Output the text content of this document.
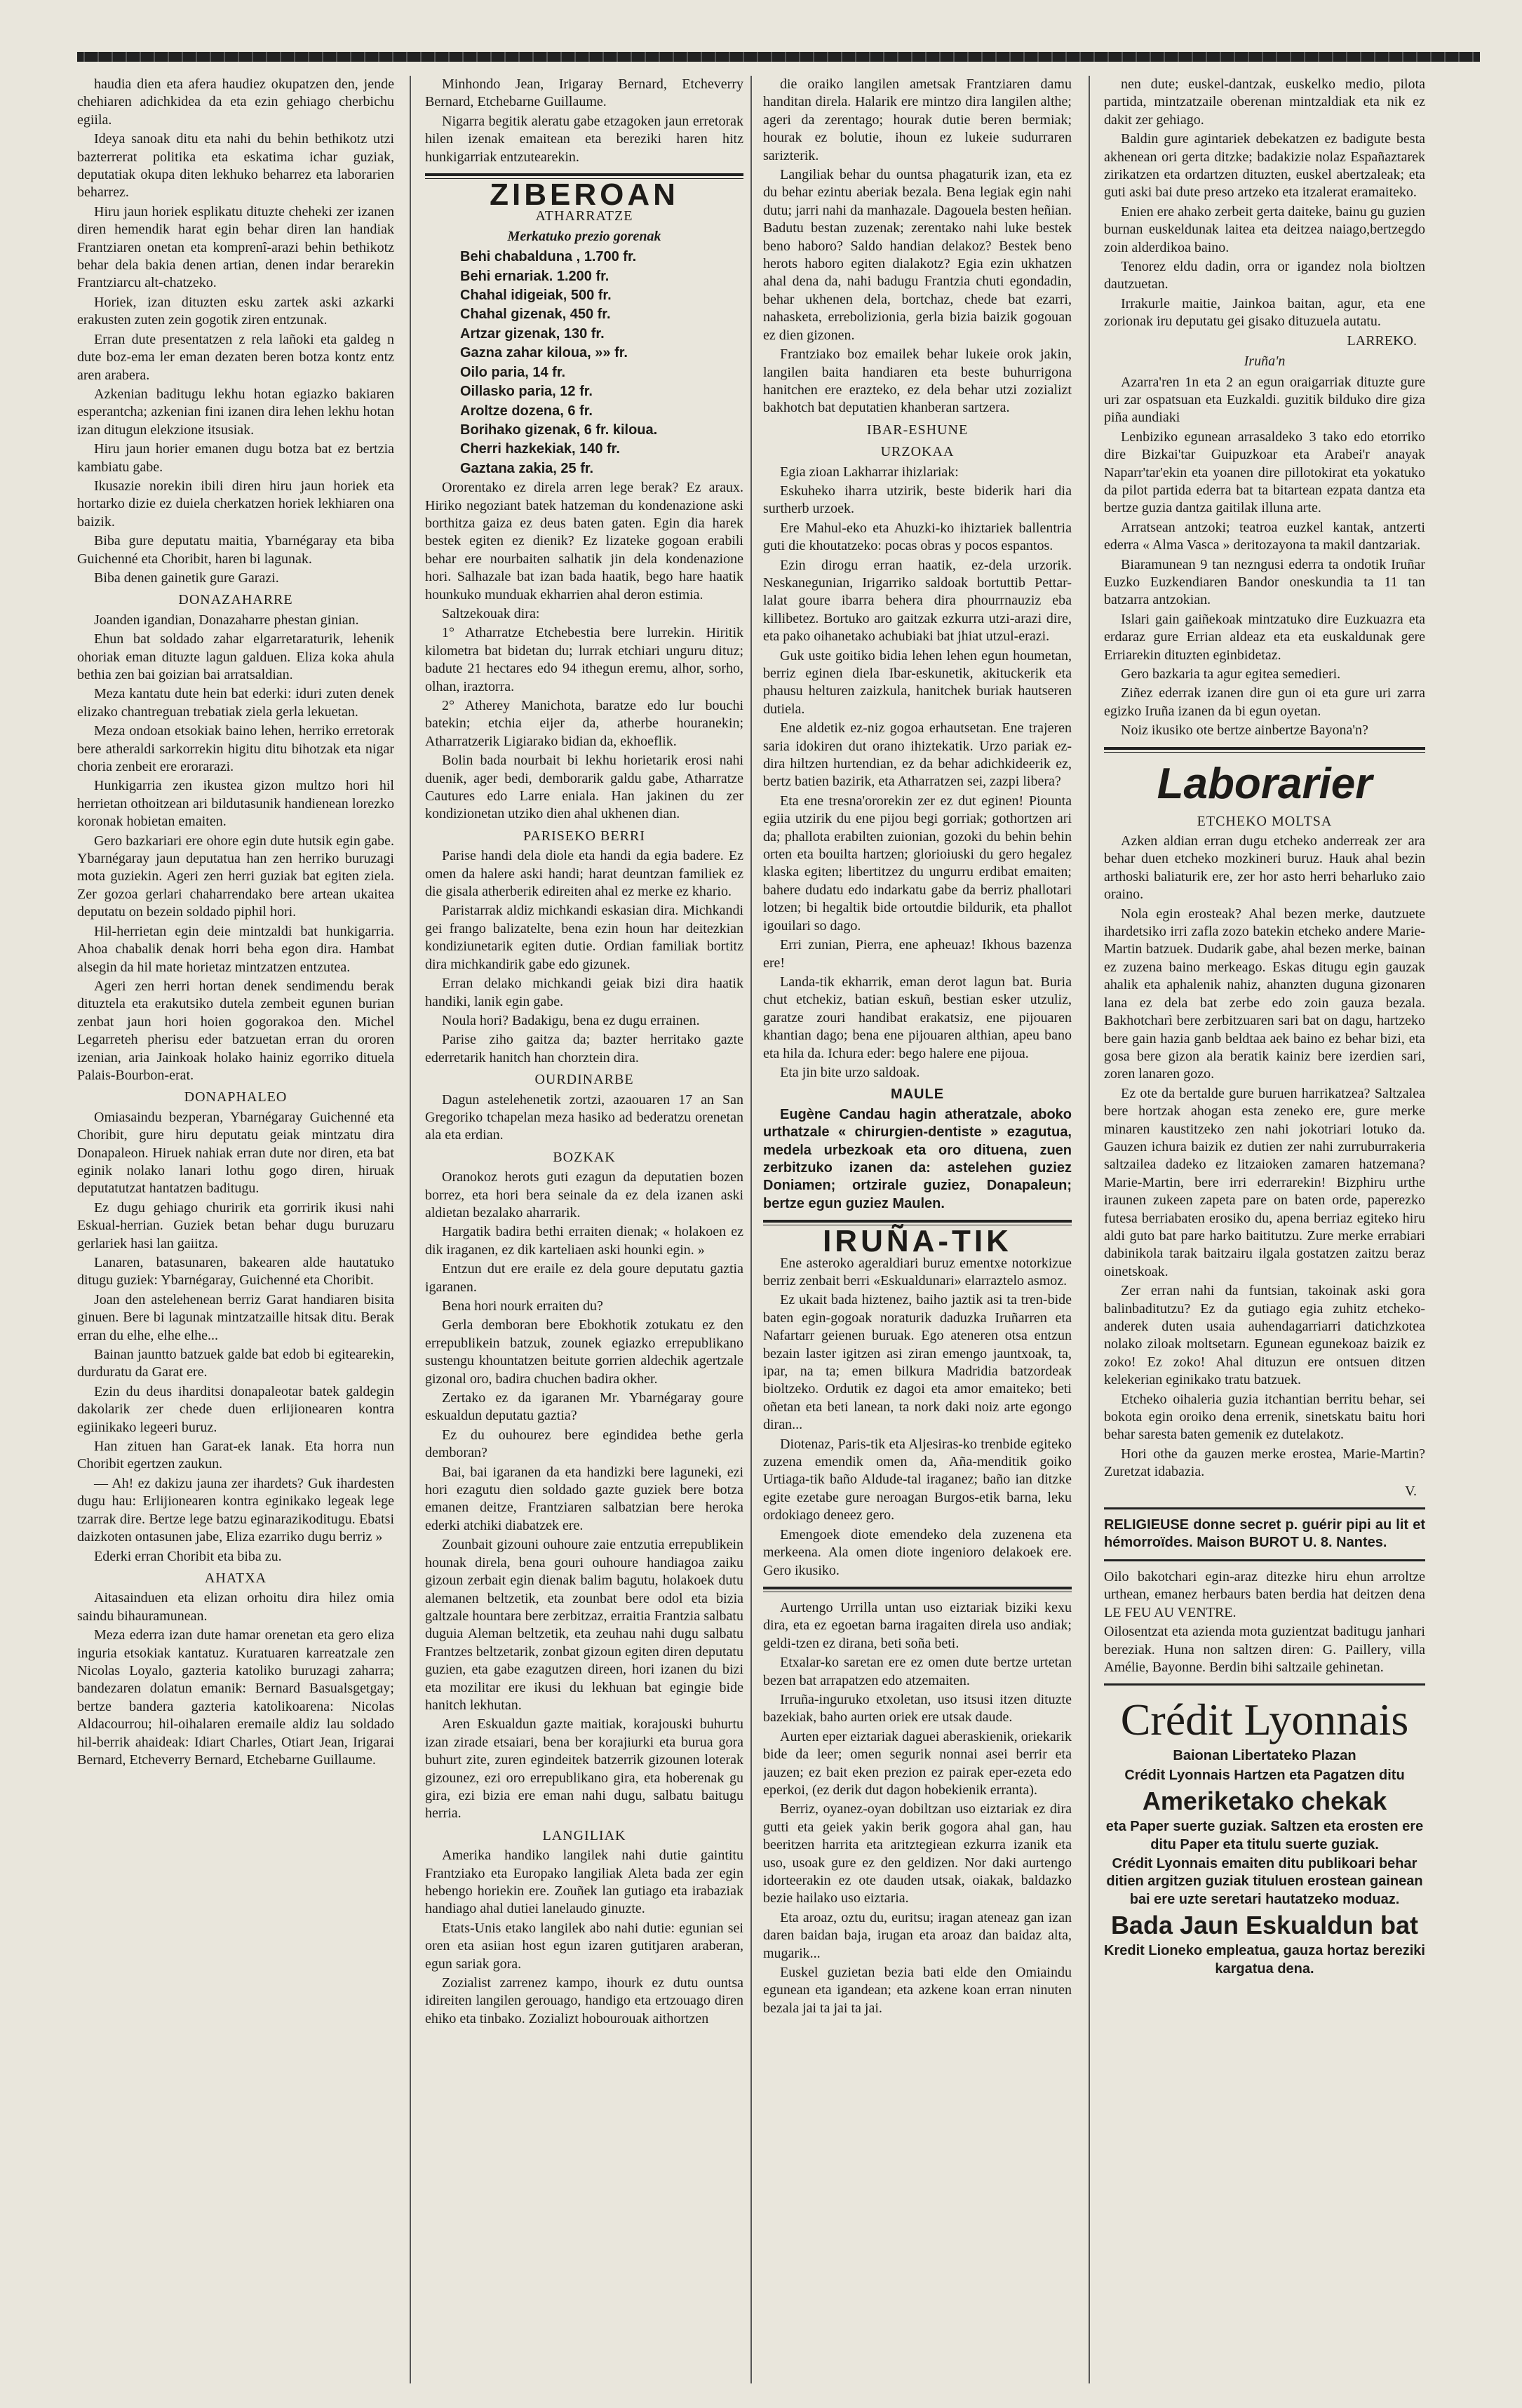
haudia dien eta afera haudiez okupatzen den, jende chehiaren adichkidea da eta ezin gehiago cherbichu egiila.

Ideya sanoak ditu eta nahi du behin bethikotz utzi bazterrerat politika eta eskatima ichar guziak, deputatiak okupa diten lekhuko beharrez eta laborarien beharrez.

Hiru jaun horiek esplikatu dituzte cheheki zer izanen diren hemendik harat egin behar diren lan handiak Frantziaren onetan eta komprenî-arazi behin bethikotz behar dela bakia denen artian, denen indar berarekin Frantziarcu alt-chatzeko.

Horiek, izan dituzten esku zartek aski azkarki erakusten zuten zein gogotik ziren entzunak.

Erran dute presentatzen z rela lañoki eta galdeg n dute boz-ema ler eman dezaten beren botza kontz entz aren arabera.

Azkenian baditugu lekhu hotan egiazko bakiaren esperantcha; azkenian fini izanen dira lehen lekhu hotan izan ditugun elekzione itsusiak.

Hiru jaun horier emanen dugu botza bat ez bertzia kambiatu gabe.

Ikusazie norekin ibili diren hiru jaun horiek eta hortarko dizie ez duiela cherkatzen horiek lekhiaren ona baizik.

Biba gure deputatu maitia, Ybarnégaray eta biba Guichenné eta Choribit, haren bi lagunak.

Biba denen gainetik gure Garazi.

DONAZAHARRE

Joanden igandian, Donazaharre phestan ginian.

Ehun bat soldado zahar elgarretaraturik, lehenik ohoriak eman dituzte lagun galduen. Eliza koka ahula bethia zen bai goizian bai arratsaldian.

Meza kantatu dute hein bat ederki: iduri zuten denek elizako chantreguan trebatiak ziela gerla lekuetan.

Meza ondoan etsokiak baino lehen, herriko erretorak bere atheraldi sarkorrekin higitu ditu bihotzak eta nigar choria zenbeit ere erorarazi.

Hunkigarria zen ikustea gizon multzo hori hil herrietan othoitzean ari bildutasunik handienean lorezko koronak hobietan emaiten.

Gero bazkariari ere ohore egin dute hutsik egin gabe. Ybarnégaray jaun deputatua han zen herriko buruzagi mota guziekin. Ageri zen herri guziak bat egiten ziela. Zer gozoa gerlari chaharrendako bere artean ukaitea deputatu on bezein soldado piphil hori.

Hil-herrietan egin deie mintzaldi bat hunkigarria. Ahoa chabalik denak horri beha egon dira. Hambat alsegin da hil mate horietaz mintzatzen entzutea.

Ageri zen herri hortan denek sendimendu berak dituztela eta erakutsiko dutela zembeit egunen burian zenbat jaun hori hoien gogorakoa den. Michel Legarreteh pherisu eder batzuetan erran du ororen izenian, aria Jainkoak holako hainiz egorriko dituela Palais-Bourbon-erat.

DONAPHALEO

Omiasaindu bezperan, Ybarnégaray Guichenné eta Choribit, gure hiru deputatu geiak mintzatu dira Donapaleon. Hiruek nahiak erran dute nor diren, eta bat eginik nolako lanari lothu gogo diren, hiruak deputatutzat hantatzen baditugu.

Ez dugu gehiago churirik eta gorririk ikusi nahi Eskual-herrian. Guziek betan behar dugu buruzaru gerlariek hasi lan gaiitza.

Lanaren, batasunaren, bakearen alde hautatuko ditugu guziek: Ybarnégaray, Guichenné eta Choribit.

Joan den astelehenean berriz Garat handiaren bisita ginuen. Bere bi lagunak mintzatzaille hitsak ditu. Berak erran du elhe, elhe elhe...

Bainan jauntto batzuek galde bat edob bi egitearekin, durduratu da Garat ere.

Ezin du deus iharditsi donapaleotar batek galdegin dakolarik zer chede duen erlijionearen kontra egiinikako legeeri buruz.

Han zituen han Garat-ek lanak. Eta horra nun Choribit egertzen zaukun.

— Ah! ez dakizu jauna zer ihardets? Guk ihardesten dugu hau: Erlijionearen kontra eginikako legeak lege tzarrak dire. Bertze lege batzu eginarazikoditugu. Ebatsi daizkoten ontasunen jabe, Eliza ezarriko dugu berriz »

Ederki erran Choribit eta biba zu.

AHATXA

Aitasainduen eta elizan orhoitu dira hilez omia saindu bihauramunean.

Meza ederra izan dute hamar orenetan eta gero eliza inguria etsokiak kantatuz. Kuratuaren karreatzale zen Nicolas Loyalo, gazteria katoliko buruzagi zaharra; bandezaren dolatun emanik: Bernard Basualsgetgay; bertze bandera gazteria katolikoarena: Nicolas Aldacourrou; hil-oihalaren eremaile aldiz lau soldado hil-berrik ahaideak: Idiart Charles, Otiart Jean, Irigarai Bernard, Etcheverry Bernard, Etchebarne Guillaume.

Minhondo Jean, Irigaray Bernard, Etcheverry Bernard, Etchebarne Guillaume.

Nigarra begitik aleratu gabe etzagoken jaun erretorak hilen izenak emaitean eta bereziki haren hitz hunkigarriak entzutearekin.

ZIBEROAN
ATHARRATZE
Merkatuko prezio gorenak

Behi chabalduna , 1.700 fr.

Behi ernariak. 1.200 fr.

Chahal idigeiak, 500 fr.

Chahal gizenak, 450 fr.

Artzar gizenak, 130 fr.

Gazna zahar kiloua, »» fr.

Oilo paria, 14 fr.

Oillasko paria, 12 fr.

Aroltze dozena, 6 fr.

Borihako gizenak, 6 fr. kiloua.

Cherri hazkekiak, 140 fr.

Gaztana zakia, 25 fr.

Ororentako ez direla arren lege berak? Ez araux. Hiriko negoziant batek hatzeman du kondenazione aski borthitza gaiza ez deus baten gaten. Egin dia harek bestek egiten ez dienik? Ez lizateke gogoan erabili behar ere nourbaiten salhatik jin dela kondenazione hori. Salhazale bat izan bada haatik, bego hare haatik hounkuko munduak ekharrien ahal deron estimia.

Saltzekouak dira:

1° Atharratze Etchebestia bere lurrekin. Hiritik kilometra bat bidetan du; lurrak etchiari unguru dituz; badute 21 hectares edo 94 ithegun eremu, alhor, sorho, olhan, iraztorra.

2° Atherey Manichota, baratze edo lur bouchi batekin; etchia eijer da, atherbe houranekin; Atharratzerik Ligiarako bidian da, ekhoeflik.

Bolin bada nourbait bi lekhu horietarik erosi nahi duenik, ager bedi, demborarik galdu gabe, Atharratze Cautures edo Larre eniala. Han jakinen du zer kondizionetan utziko dien ahal ukhenen dian.

PARISEKO BERRI

Parise handi dela diole eta handi da egia badere. Ez omen da halere aski handi; harat deuntzan familiek ez die gisala atherberik edireiten ahal ez merke ez khario.

Paristarrak aldiz michkandi eskasian dira. Michkandi gei frango balizatelte, bena ezin houn har deitezkian kondiziunetarik egiten dutie. Ordian familiak bortitz dira michkandirik gabe edo gizunek.

Erran delako michkandi geiak bizi dira haatik handiki, lanik egin gabe.

Noula hori? Badakigu, bena ez dugu errainen.

Parise ziho gaitza da; bazter herritako gazte ederretarik hanitch han chorztein dira.

OURDINARBE

Dagun astelehenetik zortzi, azaouaren 17 an San Gregoriko tchapelan meza hasiko ad bederatzu orenetan ala eta erdian.

BOZKAK

Oranokoz herots guti ezagun da deputatien bozen borrez, eta hori bera seinale da ez dela izanen aski aldietan bezalako aharrarik.

Hargatik badira bethi erraiten dienak; « holakoen ez dik iraganen, ez dik karteliaen aski hounki egin. »

Entzun dut ere eraile ez dela goure deputatu gaztia igaranen.

Bena hori nourk erraiten du?

Gerla demboran bere Ebokhotik zotukatu ez den errepublikein batzuk, zounek egiazko errepublikano sustengu khountatzen beitute gorrien aldechik agertzale gizonal oro, badira chuchen badira okher.

Zertako ez da igaranen Mr. Ybarnégaray goure eskualdun deputatu gaztia?

Ez du ouhourez bere egindidea bethe gerla demboran?

Bai, bai igaranen da eta handizki bere laguneki, ezi hori ezagutu dien soldado gazte guziek bere botza emanen deitze, Frantziaren salbatzian bere heroka ederki atchiki diabatzek ere.

Zounbait gizouni ouhoure zaie entzutia errepublikein hounak direla, bena gouri ouhoure handiagoa zaiku gizoun zerbait egin dienak balim bagutu, holakoek dutu alemanen beltzetik, eta zounbat bere odol eta bizia galtzale hountara bere zerbitzaz, erraitia Frantzia salbatu duguia Aleman beltzetik, eta zeuhau nahi dugu salbatu Frantzes beltzetarik, zonbat gizoun egiten diren deputatu guzien, eta gabe ezagutzen direen, hori izanen du bizi eta mozilitar ere ikusi du lekhuan bat egingie bide hanitch lekhutan.

Aren Eskualdun gazte maitiak, korajouski buhurtu izan zirade etsaiari, bena ber korajiurki eta burua gora buhurt zite, zuren egindeitek batzerrik gizounen loterak gizounez, ezi oro errepublikano gira, eta hoberenak gu gira, ezi bizia ere eman nahi dugu, salbatu baitugu herria.

LANGILIAK

Amerika handiko langilek nahi dutie gaintitu Frantziako eta Europako langiliak Aleta bada zer egin hebengo horiekin ere. Zouñek lan gutiago eta irabaziak handiago ahal dutiei lanelaudo ginuzte.

Etats-Unis etako langilek abo nahi dutie: egunian sei oren eta asiian host egun izaren gutitjaren araberan, egun sariak gora.

Zozialist zarrenez kampo, ihourk ez dutu ountsa idireiten langilen gerouago, handigo eta ertzouago diren ehiko eta tinbako. Zozializt hobourouak aithortzen

die oraiko langilen ametsak Frantziaren damu handitan direla. Halarik ere mintzo dira langilen althe; ageri da zerentago; hourak dutie beren bermiak; hourak ez bolutie, ihoun ez lukeie sudurraren sarizterik.

Langiliak behar du ountsa phagaturik izan, eta ez du behar ezintu aberiak bezala. Bena legiak egin nahi dutu; jarri nahi da manhazale. Dagouela besten heñian. Badutu bestan zuzenak; zerentako nahi luke bestek beno haboro? Saldo handian delakoz? Bestek beno herots haboro egiten dialakotz? Egia ezin ukhatzen ahal dena da, nahi badugu Frantzia chuti egondadin, behar ukhenen dela, bortchaz, chede bat ezarri, nahasketa, errebolizionia, gerla bizia baizik gogouan ez dien gizonen.

Frantziako boz emailek behar lukeie orok jakin, langilen baita handiaren eta beste buhurrigona hanitchen ere erazteko, ez dela behar utzi zozializt bakhotch bat deputatien khanberan sartzera.

IBAR-ESHUNE
URZOKAA

Egia zioan Lakharrar ihizlariak:

Eskuheko iharra utzirik, beste biderik hari dia surtherb urzoek.

Ere Mahul-eko eta Ahuzki-ko ihiztariek ballentria guti die khoutatzeko: pocas obras y pocos espantos.

Ezin dirogu erran haatik, ez-dela urzorik. Neskanegunian, Irigarriko saldoak bortuttib Pettar-lalat goure ibarra behera dira phourrnauziz eba killibetez. Bortuko aro gaitzak ezkurra utzi-arazi dire, eta pako oihanetako achubiaki bat jhiat utzul-erazi.

Guk uste goitiko bidia lehen lehen egun houmetan, berriz eginen diela Ibar-eskunetik, akituckerik eta phausu helturen zaizkula, hanitchek buriak hautseren dutiela.

Ene aldetik ez-niz gogoa erhautsetan. Ene trajeren saria idokiren dut orano ihiztekatik. Urzo pariak ez-dira hiltzen hurtendian, ez da behar adichkideerik ez, bertz batien bazirik, eta Atharratzen sei, zazpi libera?

Eta ene tresna'ororekin zer ez dut eginen! Piounta egiia utzirik du ene pijou begi gorriak; gothortzen ari da; phallota erabilten zuionian, gozoki du behin behin orten eta bouilta hartzen; glorioiuski du gero hegalez klaska egiten; libertitzez du ungurru erdibat emaiten; bahere dudatu edo indarkatu gabe da berriz phallotari lotzen; bi hegaltik bide ortoutdie bildurik, eta phallot igouilari so dago.

Erri zunian, Pierra, ene apheuaz! Ikhous bazenza ere!

Landa-tik ekharrik, eman derot lagun bat. Buria chut etchekiz, batian eskuñ, bestian esker utzuliz, garatze zouri handibat erakatsiz, ene pijouaren khantian dago; bena ene pijouaren althian, apeu bano eta hila da. Ichura eder: bego halere ene pijoua.

Eta jin bite urzo saldoak.

MAULE

Eugène Candau hagin atheratzale, aboko urthatzale « chirurgien-dentiste » ezagutua, medela urbezkoak eta oro dituena, zuen zerbitzuko izanen da: astelehen guziez Doniamen; ortzirale guziez, Donapaleun; bertze egun guziez Maulen.

IRUÑA-TIK

Ene asteroko ageraldiari buruz ementxe notorkizue berriz zenbait berri «Eskualdunari» elarraztelo asmoz.

Ez ukait bada hiztenez, baiho jaztik asi ta tren-bide baten egin-gogoak noraturik daduzka Iruñarren eta Nafartarr geienen buruak. Ego ateneren otsa entzun bezain laster igitzen asi ziran emengo jauntxoak, ta, ipar, na ta; emen bilkura Madridia batzordeak bioltzeko. Ordutik ez dagoi eta amor emaiteko; beti oñetan eta beti lanean, ta nork daki noiz arte egongo diran...

Diotenaz, Paris-tik eta Aljesiras-ko trenbide egiteko zuzena emendik omen da, Aña-menditik goiko Urtiaga-tik baño Aldude-tal iraganez; baño ian ditzke egite ezetabe gure neroagan Burgos-etik barna, leku ordokiago deneez gero.

Emengoek diote emendeko dela zuzenena eta merkeena. Ala omen diote ingenioro delakoek ere. Gero ikusiko.

Aurtengo Urrilla untan uso eiztariak biziki kexu dira, eta ez egoetan barna iragaiten direla uso andiak; geldi-tzen ez dirana, beti soña beti.

Etxalar-ko saretan ere ez omen dute bertze urtetan bezen bat arrapatzen edo atzemaiten.

Irruña-inguruko etxoletan, uso itsusi itzen dituzte bazekiak, baho aurten oriek ere utsak daude.

Aurten eper eiztariak daguei aberaskienik, oriekarik bide da leer; omen segurik nonnai asei berrir eta jauzen; ez bait eken prezion ez pairak eper-ezeta edo eperkoi, (ez derik dut dagon hobekienik erranta).

Berriz, oyanez-oyan dobiltzan uso eiztariak ez dira gutti eta geiek yakin berik gogora ahal gan, hau beeritzen harrita eta aritztegiean ezkurra izanik eta uso, usoak gure ez den geldizen. Nor daki aurtengo idorteerakin ez ote dauden utsak, oiakak, baldazko bezie hailako uso eiztaria.

Eta aroaz, oztu du, euritsu; iragan ateneaz gan izan daren baidan baja, irugan eta aroaz dan baidaz alta, mugarik...

Euskel guzietan bezia bati elde den Omiaindu egunean eta igandean; eta azkene koan erran ninuten bezala jai ta jai ta jai.

nen dute; euskel-dantzak, euskelko medio, pilota partida, mintzatzaile oberenan mintzaldiak eta nik ez dakit zer gehiago.

Baldin gure agintariek debekatzen ez badigute besta akhenean ori gerta ditzke; badakizie nolaz Españaztarek zirikatzen eta ordartzen dituzten, euskel abertzaleak; eta guti aski bai dute preso artzeko eta itzalerat eramaiteko.

Enien ere ahako zerbeit gerta daiteke, bainu gu guzien burnan euskeldunak laitea eta deitzea naiago,bertzegdo zoin alderdikoa baino.

Tenorez eldu dadin, orra or igandez nola bioltzen dautzuetan.

Irrakurle maitie, Jainkoa baitan, agur, eta ene zorionak iru deputatu gei gisako dituzuela autatu.

LARREKO.

Iruña'n

Azarra'ren 1n eta 2 an egun oraigarriak dituzte gure uri zar ospatsuan eta Euzkaldi. guzitik bilduko dire giza piña aundiaki

Lenbiziko egunean arrasaldeko 3 tako edo etorriko dire Bizkai'tar Guipuzkoar eta Arabei'r anayak Naparr'tar'ekin eta yoanen dire pillotokirat eta yokatuko da pilot partida ederra bat ta bitartean ezpata dantza eta bertze guzia dantza gaitilak illuna arte.

Arratsean antzoki; teatroa euzkel kantak, antzerti ederra « Alma Vasca » deritozayona ta makil dantzariak.

Biaramunean 9 tan nezngusi ederra ta ondotik Iruñar Euzko Euzkendiaren Bandor oneskundia ta 11 tan batzarra antzokian.

Islari gain gaiñekoak mintzatuko dire Euzkuazra eta erdaraz gure Errian aldeaz eta eta euskaldunak gere Erriarekin dituzten eginbidetaz.

Gero bazkaria ta agur egitea semedieri.

Ziñez ederrak izanen dire gun oi eta gure uri zarra egizko Iruña izanen da bi egun oyetan.

Noiz ikusiko ote bertze ainbertze Bayona'n?

Laborarier
ETCHEKO MOLTSA

Azken aldian erran dugu etcheko anderreak zer ara behar duen etcheko mozkineri buruz. Hauk ahal bezin arthoski baliaturik ere, zer hor asto herri beharluko zaio oraino.

Nola egin erosteak? Ahal bezen merke, dautzuete ihardetsiko irri zafla zozo batekin etcheko andere Marie-Martin batzuek. Dudarik gabe, ahal bezen merke, bainan ez zuzena baino merkeago. Eskas ditugu egin gauzak ahalik eta aphalenik nahiz, ahanzten duguna gizonaren lana ez dela bat zerbe edo zoin gauza bezala. Bakhotcharì bere zerbitzuaren sari bat on dagu, hartzeko bere gain hazia ganb beldtaa aek baino ez behar bizi, eta gosa bere gizon ala beratik kainiz bere izerdien sari, zoren lanaren gozo.

Ez ote da bertalde gure buruen harrikatzea? Saltzalea bere hortzak ahogan esta zeneko ere, gure merke minaren kaustitzeko zen nahi jokotriari lotuko da. Gauzen ichura baizik ez dutien zer nahi zurruburrakeria saltzailea dadeko ez litzaioken zamaren hatzemana? Marie-Martin, bere irri ederrarekin! Bizphiru urthe iraunen zukeen zapeta pare on baten orde, paperezko futesa berriabaten erosiko du, apena berriaz egiteko hiru aldi guto bat pare harko baititutzu. Zure merke errabiari dabinikola tarak baitzairu ilgala gostatzen zaitzu beraz oinetskoak.

Zer erran nahi da funtsian, takoinak aski gora balinbaditutzu? Ez da gutiago egia zuhitz etcheko-anderek duten usaia auhendagarriarri datichzkotea nolako ziloak moltsetarn. Egunean egunekoaz baizik ez zoko! Ez zoko! Ahal dituzun ere ontsuen ditzen kelekerian eginikako tratu batzuek.

Etcheko oihaleria guzia itchantian berritu behar, sei bokota egin oroiko dena errenik, sinetskatu baitu hori behar saresta baten gemenik ez dutelakotz.

Hori othe da gauzen merke erostea, Marie-Martin? Zuretzat idabazia.

V.

RELIGIEUSE donne secret p. guérir pipi au lit et hémorroïdes. Maison BUROT U. 8. Nantes.

Oilo bakotchari egin-araz ditezke hiru ehun arroltze urthean, emanez herbaurs baten berdia hat deitzen dena LE FEU AU VENTRE.

Oilosentzat eta azienda mota guzientzat baditugu janhari bereziak. Huna non saltzen diren: G. Paillery, villa Amélie, Bayonne. Berdin bihi saltzaile gehinetan.

Crédit Lyonnais

Baionan Libertateko Plazan

Crédit Lyonnais Hartzen eta Pagatzen ditu

Ameriketako chekak

eta Paper suerte guziak. Saltzen eta erosten ere ditu Paper eta titulu suerte guziak.

Crédit Lyonnais emaiten ditu publikoari behar ditien argitzen guziak tituluen erostean gainean bai ere uzte seretari hautatzeko moduaz.

Bada Jaun Eskualdun bat

Kredit Lioneko empleatua, gauza hortaz bereziki kargatua dena.
